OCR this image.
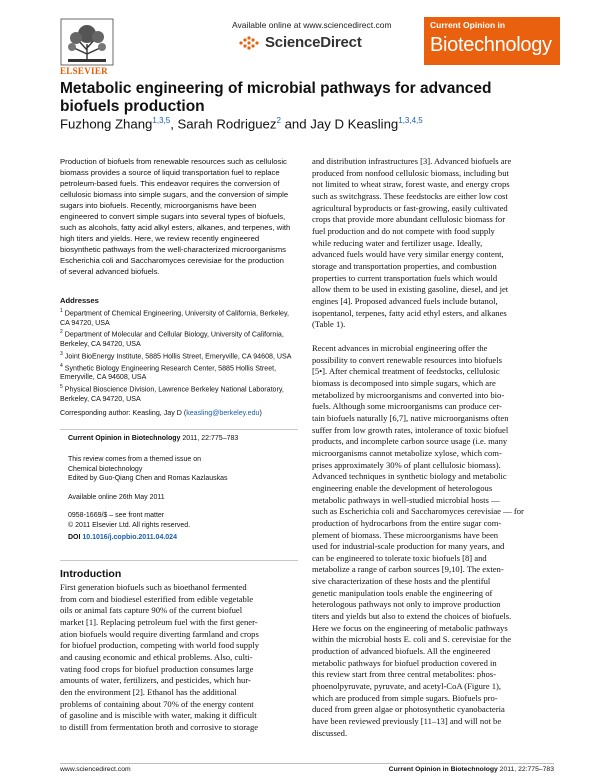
ELSEVIER
Available online at www.sciencedirect.com
ScienceDirect
Current Opinion in
Biotechnology
Metabolic engineering of microbial pathways for advanced biofuels production
Fuzhong Zhang$^{1,3,5}$, Sarah Rodriguez$^2$ and Jay D Keasling$^{1,3,4,5}$

Production of biofuels from renewable resources such as cellulosic biomass provides a source of liquid transportation fuel to replace petroleum-based fuels. This endeavor requires the conversion of cellulosic biomass into simple sugars, and the conversion of simple sugars into biofuels. Recently, microorganisms have been engineered to convert simple sugars into several types of biofuels, such as alcohols, fatty acid alkyl esters, alkanes, and terpenes, with high titers and yields. Here, we review recently engineered biosynthetic pathways from the well-characterized microorganisms Escherichia coli and Saccharomyces cerevisiae for the production of several advanced biofuels.

Addresses
$^1$ Department of Chemical Engineering, University of California, Berkeley, CA 94720, USA
$^2$ Department of Molecular and Cellular Biology, University of California, Berkeley, CA 94720, USA
$^3$ Joint BioEnergy Institute, 5885 Hollis Street, Emeryville, CA 94608, USA
$^4$ Synthetic Biology Engineering Research Center, 5885 Hollis Street, Emeryville, CA 94608, USA
$^5$ Physical Bioscience Division, Lawrence Berkeley National Laboratory, Berkeley, CA 94720, USA
Corresponding author: Keasling, Jay D (keasling@berkeley.edu)
Current Opinion in Biotechnology 2011, 22:775–783
This review comes from a themed issue on
Chemical biotechnology
Edited by Guo-Qiang Chen and Romas Kazlauskas
Available online 26th May 2011
0958-1669/$ – see front matter
© 2011 Elsevier Ltd. All rights reserved.
DOI 10.1016/j.copbio.2011.04.024
Introduction
First generation biofuels such as bioethanol fermented
from corn and biodiesel esterified from edible vegetable
oils or animal fats capture 90% of the current biofuel
market [1]. Replacing petroleum fuel with the first gener-
ation biofuels would require diverting farmland and crops
for biofuel production, competing with world food supply
and causing economic and ethical problems. Also, culti-
vating food crops for biofuel production consumes large
amounts of water, fertilizers, and pesticides, which hur-
den the environment [2]. Ethanol has the additional
problems of containing about 70% of the energy content
of gasoline and is miscible with water, making it difficult
to distill from fermentation broth and corrosive to storage
and distribution infrastructures [3]. Advanced biofuels are
produced from nonfood cellulosic biomass, including but
not limited to wheat straw, forest waste, and energy crops
such as switchgrass. These feedstocks are either low cost
agricultural byproducts or fast-growing, easily cultivated
crops that provide more abundant cellulosic biomass for
fuel production and do not compete with food supply
while reducing water and fertilizer usage. Ideally,
advanced fuels would have very similar energy content,
storage and transportation properties, and combustion
properties to current transportation fuels which would
allow them to be used in existing gasoline, diesel, and jet
engines [4]. Proposed advanced fuels include butanol,
isopentanol, terpenes, fatty acid ethyl esters, and alkanes
(Table 1).
Recent advances in microbial engineering offer the
possibility to convert renewable resources into biofuels
[5•]. After chemical treatment of feedstocks, cellulosic
biomass is decomposed into simple sugars, which are
metabolized by microorganisms and converted into bio-
fuels. Although some microorganisms can produce cer-
tain biofuels naturally [6,7], native microorganisms often
suffer from low growth rates, intolerance of toxic biofuel
products, and incomplete carbon source usage (i.e. many
microorganisms cannot metabolize xylose, which com-
prises approximately 30% of plant cellulosic biomass).
Advanced techniques in synthetic biology and metabolic
engineering enable the development of heterologous
metabolic pathways in well-studied microbial hosts —
such as Escherichia coli and Saccharomyces cerevisiae — for
production of hydrocarbons from the entire sugar com-
plement of biomass. These microorganisms have been
used for industrial-scale production for many years, and
can be engineered to tolerate toxic biofuels [8] and
metabolize a range of carbon sources [9,10]. The exten-
sive characterization of these hosts and the plentiful
genetic manipulation tools enable the engineering of
heterologous pathways not only to improve production
titers and yields but also to extend the choices of biofuels.
Here we focus on the engineering of metabolic pathways
within the microbial hosts E. coli and S. cerevisiae for the
production of advanced biofuels. All the engineered
metabolic pathways for biofuel production covered in
this review start from three central metabolites: phos-
phoenolpyruvate, pyruvate, and acetyl-CoA (Figure 1),
which are produced from simple sugars. Biofuels pro-
duced from green algae or photosynthetic cyanobacteria
have been reviewed previously [11–13] and will not be
discussed.
www.sciencedirect.com	Current Opinion in Biotechnology 2011, 22:775–783
